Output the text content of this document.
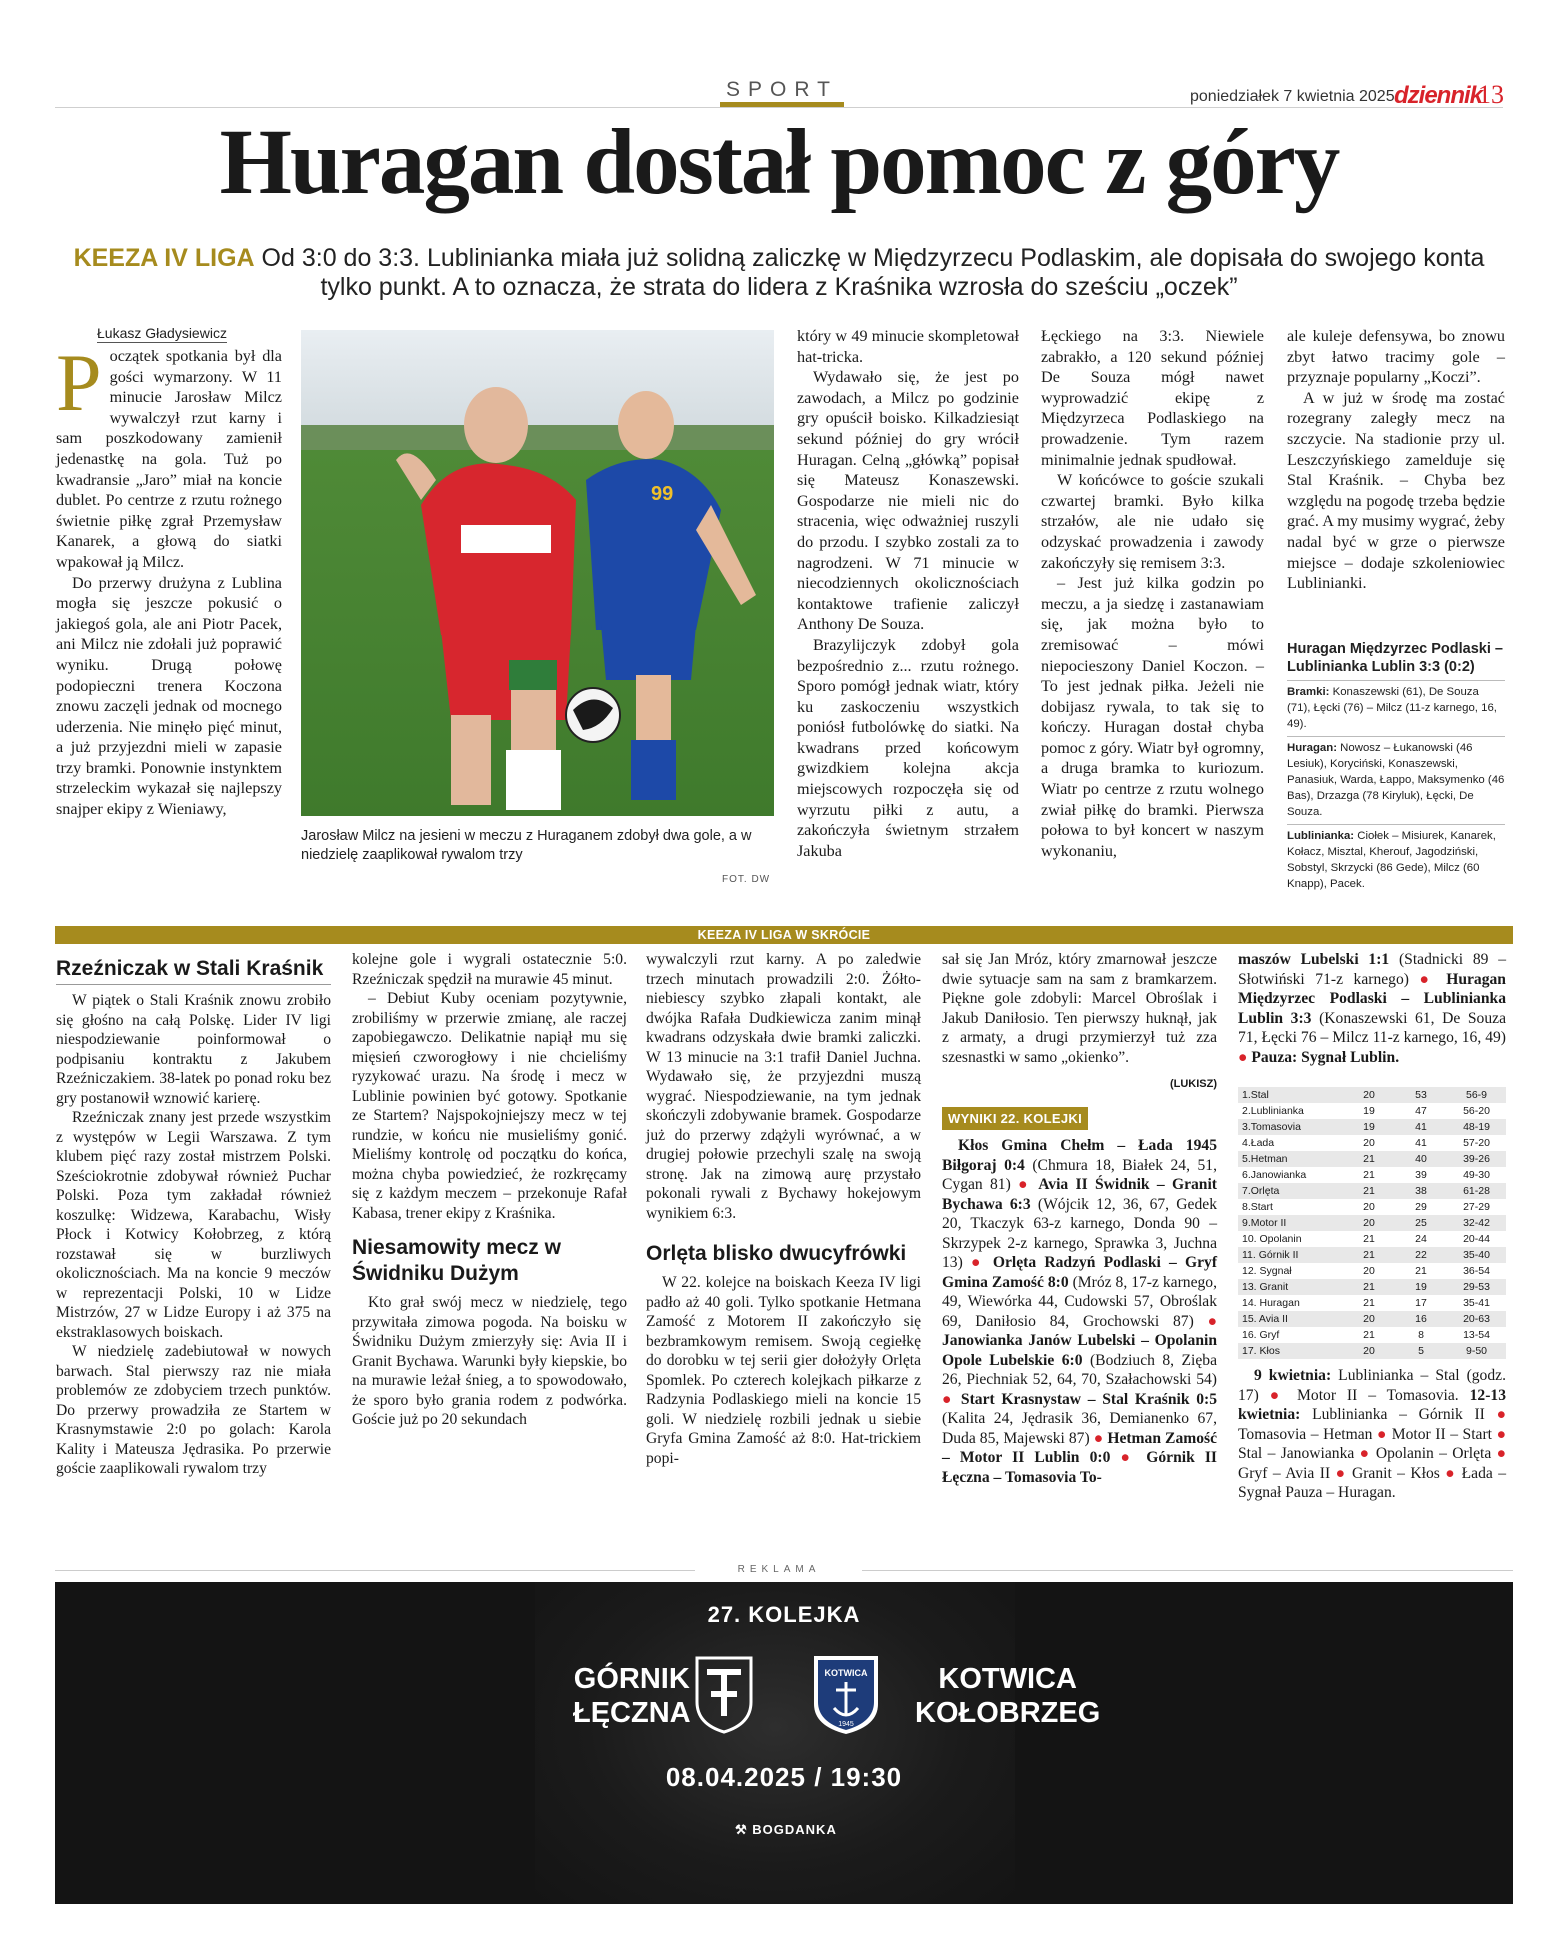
SPORT	poniedziałek 7 kwietnia 2025 dziennik
13
Huragan dostał pomoc z góry
KEEZA IV LIGA Od 3:0 do 3:3. Lublinianka miała już solidną zaliczkę w Międzyrzecu Podlaskim, ale dopisała do swojego konta tylko punkt. A to oznacza, że strata do lidera z Kraśnika wzrosła do sześciu „oczek”
Łukasz Gładysiewicz

Początek spotkania był dla gości wymarzony. W 11 minucie Jarosław Milcz wywalczył rzut karny i sam poszkodowany zamienił jedenastkę na gola. Tuż po kwadransie „Jaro” miał na koncie dublet. Po centrze z rzutu rożnego świetnie piłkę zgrał Przemysław Kanarek, a głową do siatki wpakował ją Milcz.

Do przerwy drużyna z Lublina mogła się jeszcze pokusić o jakiegoś gola, ale ani Piotr Pacek, ani Milcz nie zdołali już poprawić wyniku. Drugą połowę podopieczni trenera Koczona znowu zaczęli jednak od mocnego uderzenia. Nie minęło pięć minut, a już przyjezdni mieli w zapasie trzy bramki. Ponownie instynktem strzeleckim wykazał się najlepszy snajper ekipy z Wieniawy,

99
Jarosław Milcz na jesieni w meczu z Huraganem zdobył dwa gole, a w niedzielę zaaplikował rywalom trzy
FOT. DW

który w 49 minucie skompletował hat-tricka.

Wydawało się, że jest po zawodach, a Milcz po godzinie gry opuścił boisko. Kilkadziesiąt sekund później do gry wrócił Huragan. Celną „główką” popisał się Mateusz Konaszewski. Gospodarze nie mieli nic do stracenia, więc odważniej ruszyli do przodu. I szybko zostali za to nagrodzeni. W 71 minucie w niecodziennych okolicznościach kontaktowe trafienie zaliczył Anthony De Souza.

Brazylijczyk zdobył gola bezpośrednio z... rzutu rożnego. Sporo pomógł jednak wiatr, który ku zaskoczeniu wszystkich poniósł futbolówkę do siatki. Na kwadrans przed końcowym gwizdkiem kolejna akcja miejscowych rozpoczęła się od wyrzutu piłki z autu, a zakończyła świetnym strzałem Jakuba

Łęckiego na 3:3. Niewiele zabrakło, a 120 sekund później De Souza mógł nawet wyprowadzić ekipę z Międzyrzeca Podlaskiego na prowadzenie. Tym razem minimalnie jednak spudłował.

W końcówce to goście szukali czwartej bramki. Było kilka strzałów, ale nie udało się odzyskać prowadzenia i zawody zakończyły się remisem 3:3.

– Jest już kilka godzin po meczu, a ja siedzę i zastanawiam się, jak można było to zremisować – mówi niepocieszony Daniel Koczon. – To jest jednak piłka. Jeżeli nie dobijasz rywala, to tak się to kończy. Huragan dostał chyba pomoc z góry. Wiatr był ogromny, a druga bramka to kuriozum. Wiatr po centrze z rzutu wolnego zwiał piłkę do bramki. Pierwsza połowa to był koncert w naszym wykonaniu,

ale kuleje defensywa, bo znowu zbyt łatwo tracimy gole – przyznaje popularny „Koczi”.

A w już w środę ma zostać rozegrany zaległy mecz na szczycie. Na stadionie przy ul. Leszczyńskiego zamelduje się Stal Kraśnik. – Chyba bez względu na pogodę trzeba będzie grać. A my musimy wygrać, żeby nadal być w grze o pierwsze miejsce – dodaje szkoleniowiec Lublinianki.

Huragan Międzyrzec Podlaski – Lublinianka Lublin 3:3 (0:2)
Bramki: Konaszewski (61), De Souza (71), Łęcki (76) – Milcz (11-z karnego, 16, 49).
Huragan: Nowosz – Łukanowski (46 Lesiuk), Koryciński, Konaszewski, Panasiuk, Warda, Łappo, Maksymenko (46 Bas), Drzazga (78 Kiryluk), Łęcki, De Souza.
Lublinianka: Ciołek – Misiurek, Kanarek, Kołacz, Misztal, Kherouf, Jagodziński, Sobstyl, Skrzycki (86 Gede), Milcz (60 Knapp), Pacek.
KEEZA IV LIGA W SKRÓCIE
Rzeźniczak w Stali Kraśnik

W piątek o Stali Kraśnik znowu zrobiło się głośno na całą Polskę. Lider IV ligi niespodziewanie poinformował o podpisaniu kontraktu z Jakubem Rzeźniczakiem. 38-latek po ponad roku bez gry postanowił wznowić karierę.

Rzeźniczak znany jest przede wszystkim z występów w Legii Warszawa. Z tym klubem pięć razy został mistrzem Polski. Sześciokrotnie zdobywał również Puchar Polski. Poza tym zakładał również koszulkę: Widzewa, Karabachu, Wisły Płock i Kotwicy Kołobrzeg, z którą rozstawał się w burzliwych okolicznościach. Ma na koncie 9 meczów w reprezentacji Polski, 10 w Lidze Mistrzów, 27 w Lidze Europy i aż 375 na ekstraklasowych boiskach.

W niedzielę zadebiutował w nowych barwach. Stal pierwszy raz nie miała problemów ze zdobyciem trzech punktów. Do przerwy prowadziła ze Startem w Krasnymstawie 2:0 po golach: Karola Kality i Mateusza Jędrasika. Po przerwie goście zaaplikowali rywalom trzy

kolejne gole i wygrali ostatecznie 5:0. Rzeźniczak spędził na murawie 45 minut.

– Debiut Kuby oceniam pozytywnie, zrobiliśmy w przerwie zmianę, ale raczej zapobiegawczo. Delikatnie napiął mu się mięsień czworogłowy i nie chcieliśmy ryzykować urazu. Na środę i mecz w Lublinie powinien być gotowy. Spotkanie ze Startem? Najspokojniejszy mecz w tej rundzie, w końcu nie musieliśmy gonić. Mieliśmy kontrolę od początku do końca, można chyba powiedzieć, że rozkręcamy się z każdym meczem – przekonuje Rafał Kabasa, trener ekipy z Kraśnika.

Niesamowity mecz w Świdniku Dużym

Kto grał swój mecz w niedzielę, tego przywitała zimowa pogoda. Na boisku w Świdniku Dużym zmierzyły się: Avia II i Granit Bychawa. Warunki były kiepskie, bo na murawie leżał śnieg, a to spowodowało, że sporo było grania rodem z podwórka. Goście już po 20 sekundach

wywalczyli rzut karny. A po zaledwie trzech minutach prowadzili 2:0. Żółto-niebiescy szybko złapali kontakt, ale dwójka Rafała Dudkiewicza zanim minął kwadrans odzyskała dwie bramki zaliczki. W 13 minucie na 3:1 trafił Daniel Juchna. Wydawało się, że przyjezdni muszą wygrać. Niespodziewanie, na tym jednak skończyli zdobywanie bramek. Gospodarze już do przerwy zdążyli wyrównać, a w drugiej połowie przechyli szalę na swoją stronę. Jak na zimową aurę przystało pokonali rywali z Bychawy hokejowym wynikiem 6:3.

Orlęta blisko dwucyfrówki

W 22. kolejce na boiskach Keeza IV ligi padło aż 40 goli. Tylko spotkanie Hetmana Zamość z Motorem II zakończyło się bezbramkowym remisem. Swoją cegiełkę do dorobku w tej serii gier dołożyły Orlęta Spomlek. Po czterech kolejkach piłkarze z Radzynia Podlaskiego mieli na koncie 15 goli. W niedzielę rozbili jednak u siebie Gryfa Gmina Zamość aż 8:0. Hat-trickiem popi-

sał się Jan Mróz, który zmarnował jeszcze dwie sytuacje sam na sam z bramkarzem. Piękne gole zdobyli: Marcel Obroślak i Jakub Daniłosio. Ten pierwszy huknął, jak z armaty, a drugi przymierzył tuż zza szesnastki w samo „okienko”.

(LUKISZ)
WYNIKI 22. KOLEJKI

Kłos Gmina Chełm – Łada 1945 Biłgoraj 0:4 (Chmura 18, Białek 24, 51, Cygan 81) ● Avia II Świdnik – Granit Bychawa 6:3 (Wójcik 12, 36, 67, Gedek 20, Tkaczyk 63-z karnego, Donda 90 – Skrzypek 2-z karnego, Sprawka 3, Juchna 13) ● Orlęta Radzyń Podlaski – Gryf Gmina Zamość 8:0 (Mróz 8, 17-z karnego, 49, Wiewórka 44, Cudowski 57, Obroślak 69, Daniłosio 84, Grochowski 87) ● Janowianka Janów Lubelski – Opolanin Opole Lubelskie 6:0 (Bodziuch 8, Zięba 26, Piechniak 52, 64, 70, Szałachowski 54) ● Start Krasnystaw – Stal Kraśnik 0:5 (Kalita 24, Jędrasik 36, Demianenko 67, Duda 85, Majewski 87) ● Hetman Zamość – Motor II Lublin 0:0 ● Górnik II Łęczna – Tomasovia To-

maszów Lubelski 1:1 (Stadnicki 89 – Słotwiński 71-z karnego) ● Huragan Międzyrzec Podlaski – Lublinianka Lublin 3:3 (Konaszewski 61, De Souza 71, Łęcki 76 – Milcz 11-z karnego, 16, 49) ● Pauza: Sygnał Lublin.

1.Stal	20	53	56-9
2.Lublinianka	19	47	56-20
3.Tomasovia	19	41	48-19
4.Łada	20	41	57-20
5.Hetman	21	40	39-26
6.Janowianka	21	39	49-30
7.Orlęta	21	38	61-28
8.Start	20	29	27-29
9.Motor II	20	25	32-42
10. Opolanin	21	24	20-44
11. Górnik II	21	22	35-40
12. Sygnał	20	21	36-54
13. Granit	21	19	29-53
14. Huragan	21	17	35-41
15. Avia II	20	16	20-63
16. Gryf	21	8	13-54
17. Kłos	20	5	9-50

9 kwietnia: Lublinianka – Stal (godz. 17) ● Motor II – Tomasovia. 12-13 kwietnia: Lublinianka – Górnik II ● Tomasovia – Hetman ● Motor II – Start ● Stal – Janowianka ● Opolanin – Orlęta ● Gryf – Avia II ● Granit – Kłos ● Łada – Sygnał Pauza – Huragan.

REKLAMA
27. KOLEJKA
GÓRNIK
ŁĘCZNA
KOTWICA
1945
KOTWICA
KOŁOBRZEG
08.04.2025 / 19:30
⚒ BOGDANKA
